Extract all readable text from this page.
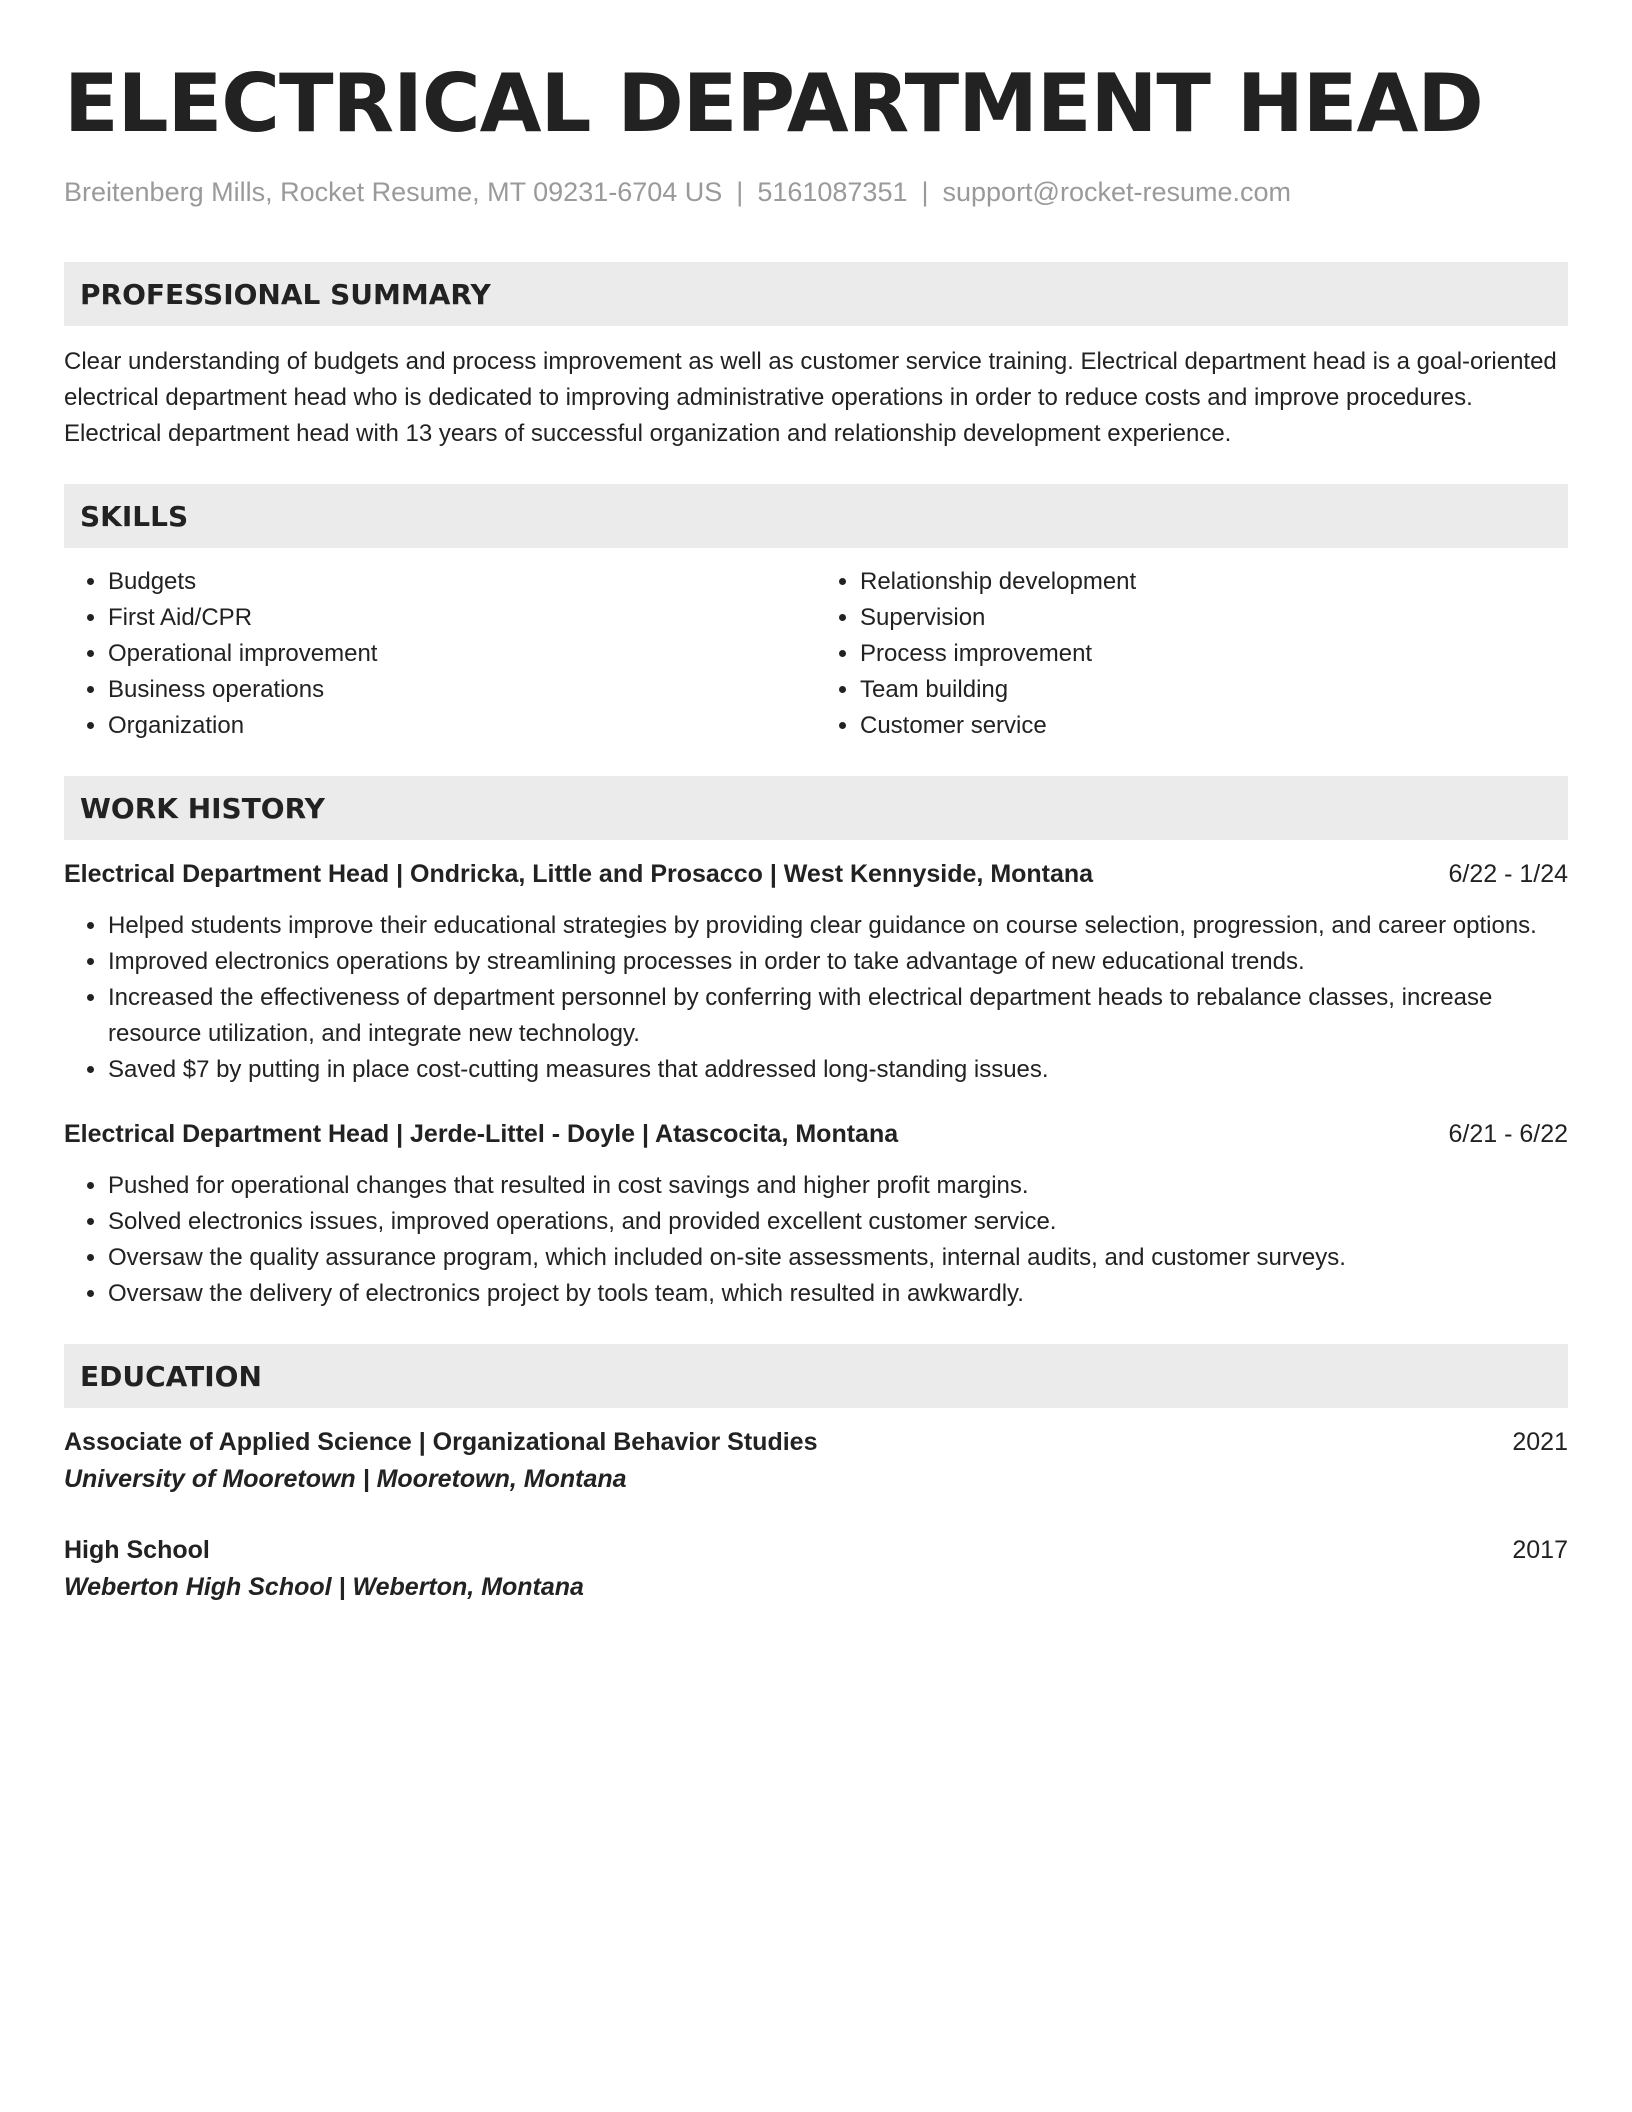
ELECTRICAL DEPARTMENT HEAD
Breitenberg Mills, Rocket Resume, MT 09231-6704 US | 5161087351 | support@rocket-resume.com
PROFESSIONAL SUMMARY

Clear understanding of budgets and process improvement as well as customer service training. Electrical department head is a goal-oriented electrical department head who is dedicated to improving administrative operations in order to reduce costs and improve procedures. Electrical department head with 13 years of successful organization and relationship development experience.

SKILLS
• Budgets
• First Aid/CPR
• Operational improvement
• Business operations
• Organization
• Relationship development
• Supervision
• Process improvement
• Team building
• Customer service
WORK HISTORY
Electrical Department Head | Ondricka, Little and Prosacco | West Kennyside, Montana	6/22 - 1/24
• Helped students improve their educational strategies by providing clear guidance on course selection, progression, and career options.
• Improved electronics operations by streamlining processes in order to take advantage of new educational trends.
• Increased the effectiveness of department personnel by conferring with electrical department heads to rebalance classes, increase resource utilization, and integrate new technology.
• Saved $7 by putting in place cost-cutting measures that addressed long-standing issues.
Electrical Department Head | Jerde-Littel - Doyle | Atascocita, Montana	6/21 - 6/22
• Pushed for operational changes that resulted in cost savings and higher profit margins.
• Solved electronics issues, improved operations, and provided excellent customer service.
• Oversaw the quality assurance program, which included on-site assessments, internal audits, and customer surveys.
• Oversaw the delivery of electronics project by tools team, which resulted in awkwardly.
EDUCATION
Associate of Applied Science | Organizational Behavior Studies	2021
University of Mooretown | Mooretown, Montana
High School	2017
Weberton High School | Weberton, Montana
